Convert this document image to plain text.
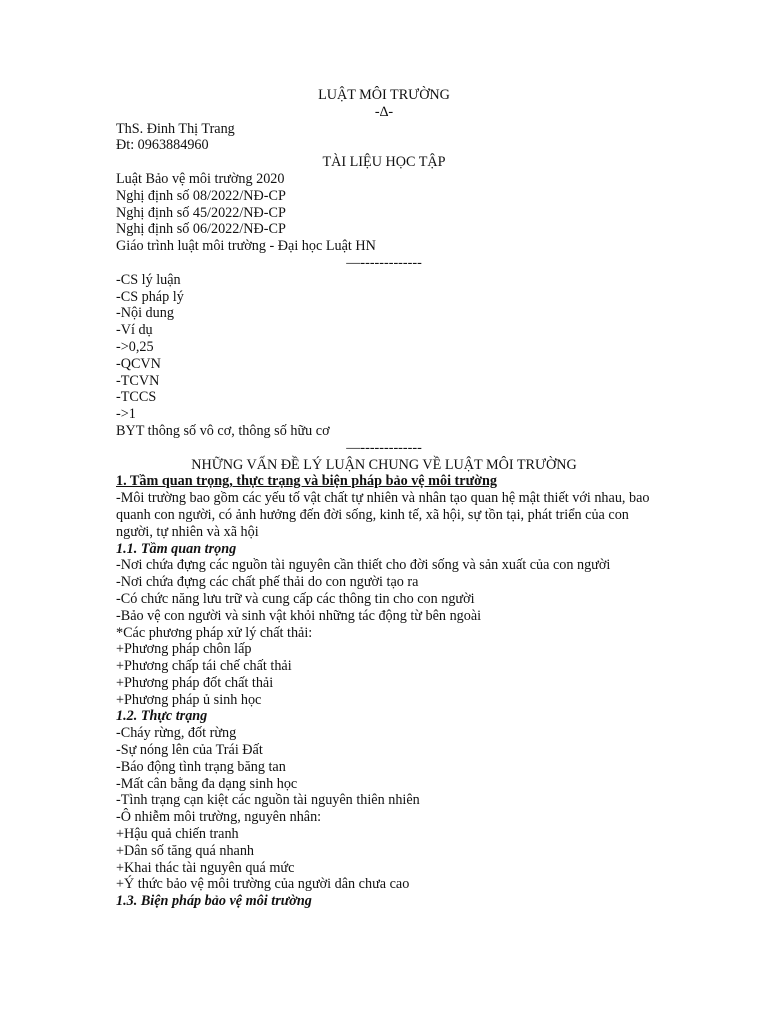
LUẬT MÔI TRƯỜNG
-∆-
ThS. Đinh Thị Trang
Đt: 0963884960
TÀI LIỆU HỌC TẬP
Luật Bảo vệ môi trường 2020
Nghị định số 08/2022/NĐ-CP
Nghị định số 45/2022/NĐ-CP
Nghị định số 06/2022/NĐ-CP
Giáo trình luật môi trường - Đại học Luật HN
—-------------
-CS lý luận
-CS pháp lý
-Nội dung
-Ví dụ
->0,25
-QCVN
-TCVN
-TCCS
->1
BYT thông số vô cơ, thông số hữu cơ
—-------------
NHỮNG VẤN ĐỀ LÝ LUẬN CHUNG VỀ LUẬT MÔI TRƯỜNG
1. Tầm quan trọng, thực trạng và biện pháp bảo vệ môi trường
-Môi trường bao gồm các yếu tố vật chất tự nhiên và nhân tạo quan hệ mật thiết với nhau, bao quanh con người, có ảnh hưởng đến đời sống, kinh tế, xã hội, sự tồn tại, phát triển của con người, tự nhiên và xã hội
1.1. Tầm quan trọng
-Nơi chứa đựng các nguồn tài nguyên cần thiết cho đời sống và sản xuất của con người
-Nơi chứa đựng các chất phế thải do con người tạo ra
-Có chức năng lưu trữ và cung cấp các thông tin cho con người
-Bảo vệ con người và sinh vật khỏi những tác động từ bên ngoài
*Các phương pháp xử lý chất thải:
+Phương pháp chôn lấp
+Phương chấp tái chế chất thải
+Phương pháp đốt chất thải
+Phương pháp ủ sinh học
1.2. Thực trạng
-Cháy rừng, đốt rừng
-Sự nóng lên của Trái Đất
-Báo động tình trạng băng tan
-Mất cân bằng đa dạng sinh học
-Tình trạng cạn kiệt các nguồn tài nguyên thiên nhiên
-Ô nhiễm môi trường, nguyên nhân:
+Hậu quả chiến tranh
+Dân số tăng quá nhanh
+Khai thác tài nguyên quá mức
+Ý thức bảo vệ môi trường của người dân chưa cao
1.3. Biện pháp bảo vệ môi trường
